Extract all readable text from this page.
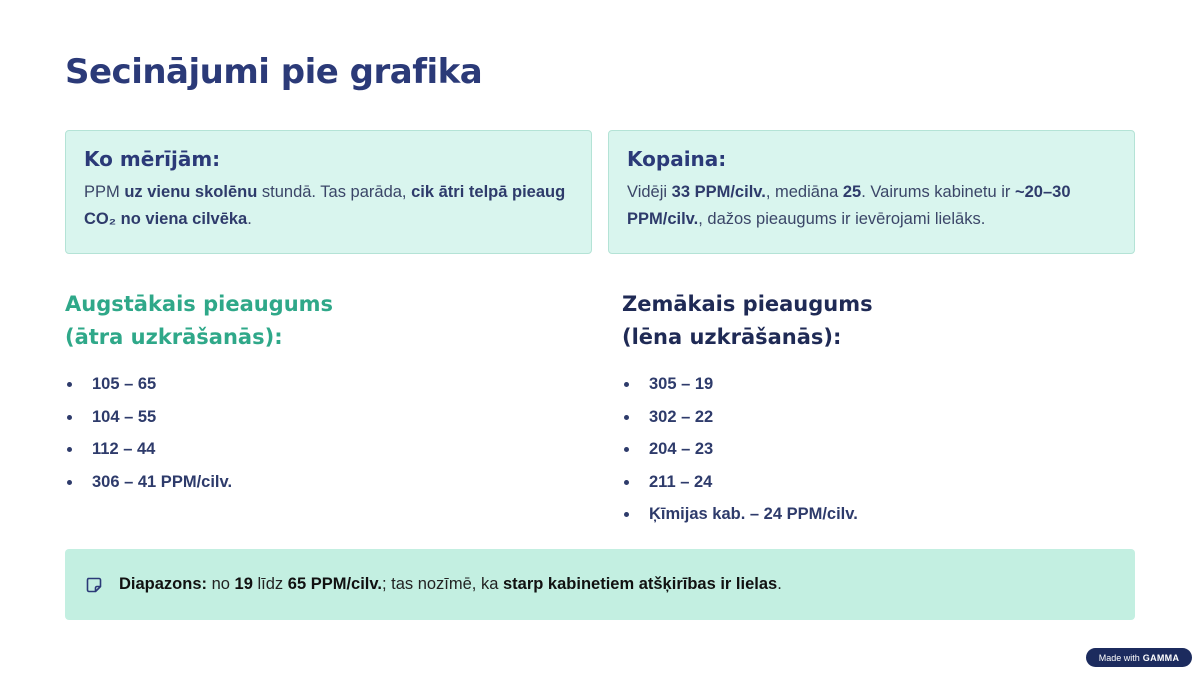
Secinājumi pie grafika
Ko mērījām:

PPM uz vienu skolēnu stundā. Tas parāda, cik ātri telpā pieaug CO₂ no viena cilvēka.

Kopaina:

Vidēji 33 PPM/cilv., mediāna 25. Vairums kabinetu ir ~20–30 PPM/cilv., dažos pieaugums ir ievērojami lielāks.

Augstākais pieaugums
(ātra uzkrāšanās):
105 – 65
104 – 55
112 – 44
306 – 41 PPM/cilv.
Zemākais pieaugums
(lēna uzkrāšanās):
305 – 19
302 – 22
204 – 23
211 – 24
Ķīmijas kab. – 24 PPM/cilv.
Diapazons: no 19 līdz 65 PPM/cilv.; tas nozīmē, ka starp kabinetiem atšķirības ir lielas.
Made with GAMMA
